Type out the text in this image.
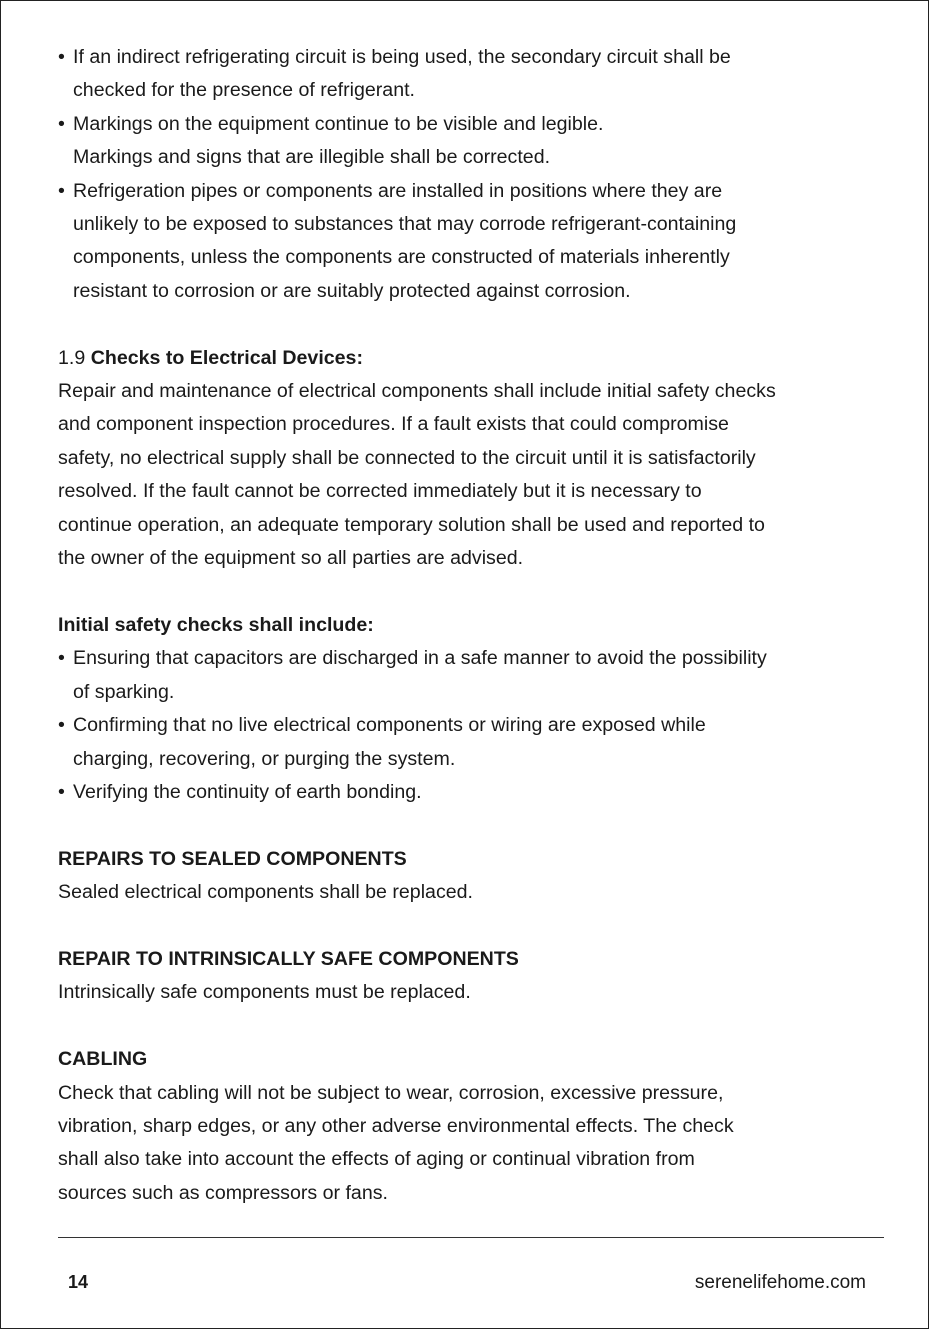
• If an indirect refrigerating circuit is being used, the secondary circuit shall be
checked for the presence of refrigerant.
• Markings on the equipment continue to be visible and legible.
Markings and signs that are illegible shall be corrected.
• Refrigeration pipes or components are installed in positions where they are
unlikely to be exposed to substances that may corrode refrigerant-containing
components, unless the components are constructed of materials inherently
resistant to corrosion or are suitably protected against corrosion.

1.9 Checks to Electrical Devices:

Repair and maintenance of electrical components shall include initial safety checks
and component inspection procedures. If a fault exists that could compromise
safety, no electrical supply shall be connected to the circuit until it is satisfactorily
resolved. If the fault cannot be corrected immediately but it is necessary to
continue operation, an adequate temporary solution shall be used and reported to
the owner of the equipment so all parties are advised.

Initial safety checks shall include:

• Ensuring that capacitors are discharged in a safe manner to avoid the possibility
of sparking.
• Confirming that no live electrical components or wiring are exposed while
charging, recovering, or purging the system.
• Verifying the continuity of earth bonding.

REPAIRS TO SEALED COMPONENTS

Sealed electrical components shall be replaced.

REPAIR TO INTRINSICALLY SAFE COMPONENTS

Intrinsically safe components must be replaced.

CABLING

Check that cabling will not be subject to wear, corrosion, excessive pressure,
vibration, sharp edges, or any other adverse environmental effects. The check
shall also take into account the effects of aging or continual vibration from
sources such as compressors or fans.

14	serenelifehome.com
